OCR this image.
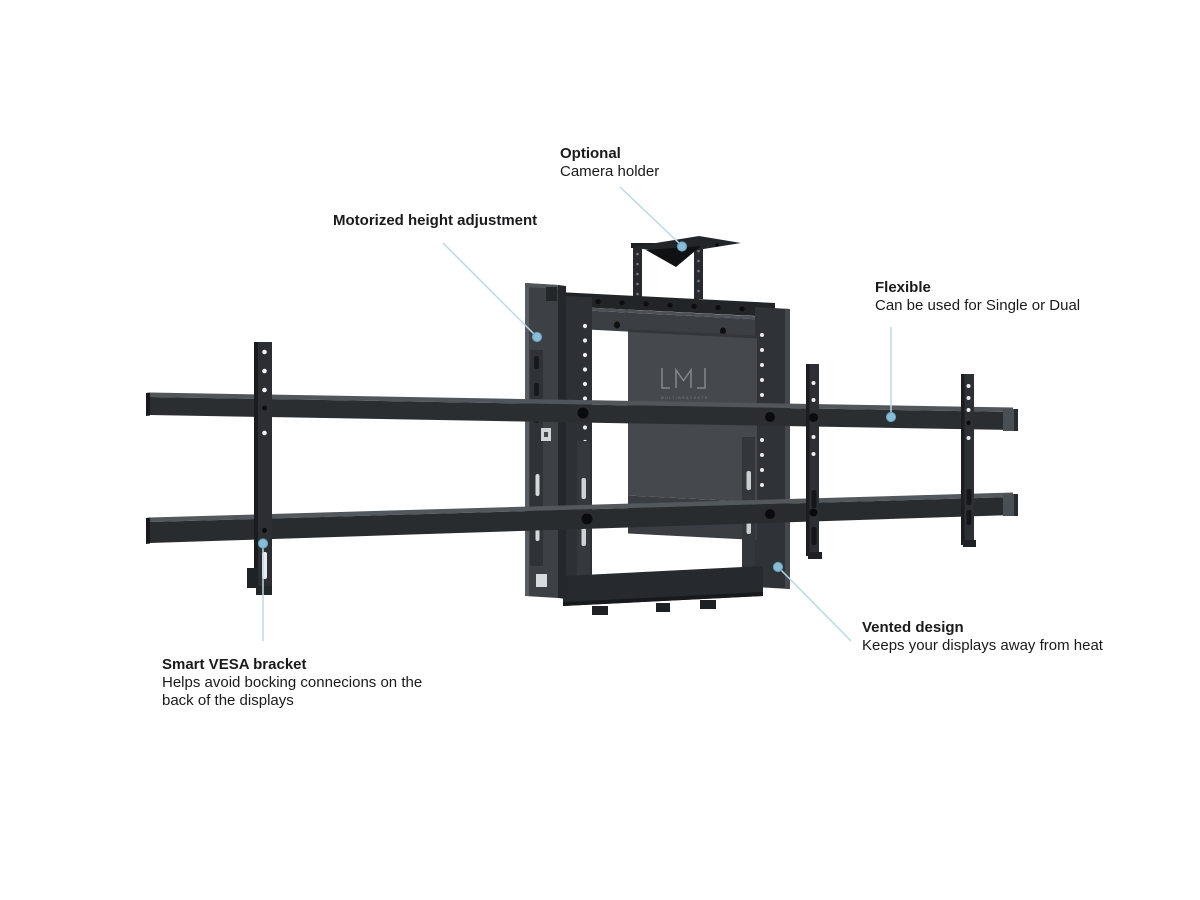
MULTIBRACKETS
Optional
Camera holder
Motorized height adjustment
Flexible
Can be used for Single or Dual
Vented design
Keeps your displays away from heat
Smart VESA bracket
Helps avoid bocking connecions on the
back of the displays
